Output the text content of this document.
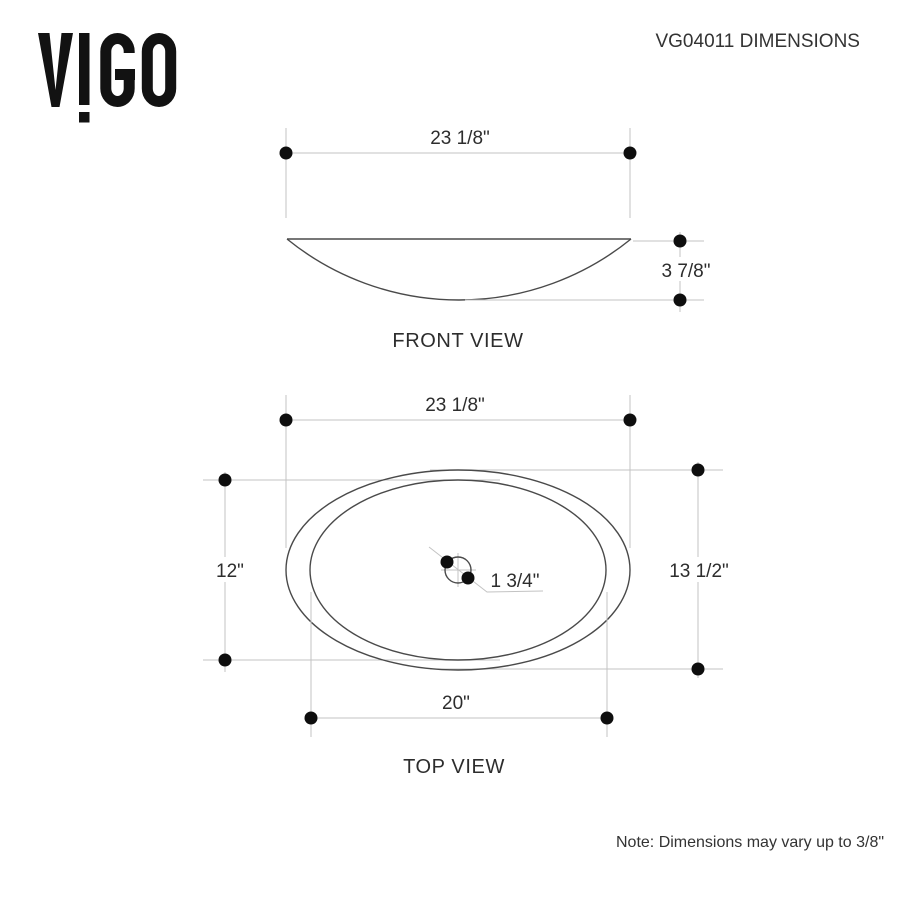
VG04011 DIMENSIONS
23 1/8"
3 7/8"
FRONT VIEW
23 1/8"
12"	13 1/2"
1 3/4"
20"
TOP VIEW
Note: Dimensions may vary up to 3/8"
